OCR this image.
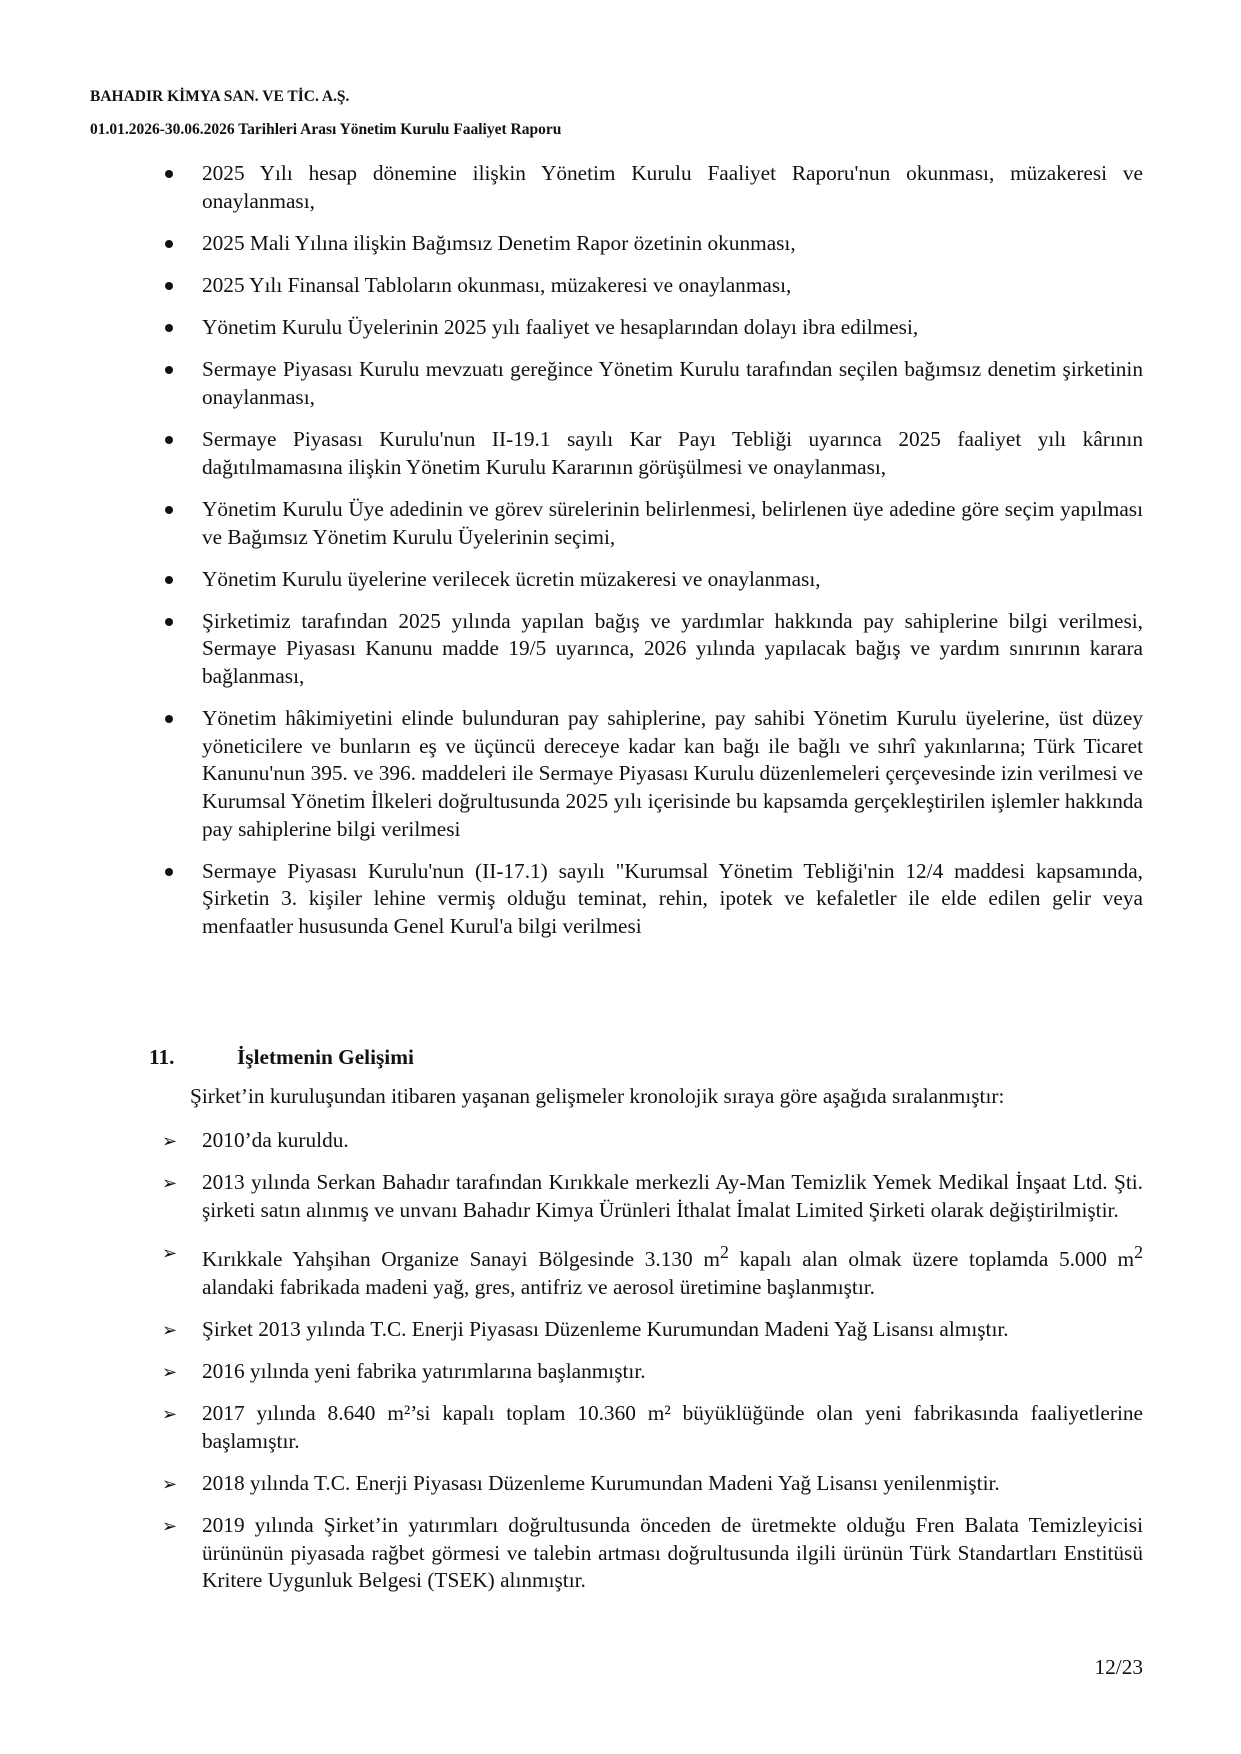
BAHADIR KİMYA SAN. VE TİC. A.Ş.
01.01.2026-30.06.2026 Tarihleri Arası Yönetim Kurulu Faaliyet Raporu
2025 Yılı hesap dönemine ilişkin Yönetim Kurulu Faaliyet Raporu'nun okunması, müzakeresi ve onaylanması,
2025 Mali Yılına ilişkin Bağımsız Denetim Rapor özetinin okunması,
2025 Yılı Finansal Tabloların okunması, müzakeresi ve onaylanması,
Yönetim Kurulu Üyelerinin 2025 yılı faaliyet ve hesaplarından dolayı ibra edilmesi,
Sermaye Piyasası Kurulu mevzuatı gereğince Yönetim Kurulu tarafından seçilen bağımsız denetim şirketinin onaylanması,
Sermaye Piyasası Kurulu'nun II-19.1 sayılı Kar Payı Tebliği uyarınca 2025 faaliyet yılı kârının dağıtılmamasına ilişkin Yönetim Kurulu Kararının görüşülmesi ve onaylanması,
Yönetim Kurulu Üye adedinin ve görev sürelerinin belirlenmesi, belirlenen üye adedine göre seçim yapılması ve Bağımsız Yönetim Kurulu Üyelerinin seçimi,
Yönetim Kurulu üyelerine verilecek ücretin müzakeresi ve onaylanması,
Şirketimiz tarafından 2025 yılında yapılan bağış ve yardımlar hakkında pay sahiplerine bilgi verilmesi, Sermaye Piyasası Kanunu madde 19/5 uyarınca, 2026 yılında yapılacak bağış ve yardım sınırının karara bağlanması,
Yönetim hâkimiyetini elinde bulunduran pay sahiplerine, pay sahibi Yönetim Kurulu üyelerine, üst düzey yöneticilere ve bunların eş ve üçüncü dereceye kadar kan bağı ile bağlı ve sıhrî yakınlarına; Türk Ticaret Kanunu'nun 395. ve 396. maddeleri ile Sermaye Piyasası Kurulu düzenlemeleri çerçevesinde izin verilmesi ve Kurumsal Yönetim İlkeleri doğrultusunda 2025 yılı içerisinde bu kapsamda gerçekleştirilen işlemler hakkında pay sahiplerine bilgi verilmesi
Sermaye Piyasası Kurulu'nun (II-17.1) sayılı "Kurumsal Yönetim Tebliği'nin 12/4 maddesi kapsamında, Şirketin 3. kişiler lehine vermiş olduğu teminat, rehin, ipotek ve kefaletler ile elde edilen gelir veya menfaatler hususunda Genel Kurul'a bilgi verilmesi
11.	İşletmenin Gelişimi
Şirket’in kuruluşundan itibaren yaşanan gelişmeler kronolojik sıraya göre aşağıda sıralanmıştır:
➢ 2010’da kuruldu.
➢ 2013 yılında Serkan Bahadır tarafından Kırıkkale merkezli Ay-Man Temizlik Yemek Medikal İnşaat Ltd. Şti. şirketi satın alınmış ve unvanı Bahadır Kimya Ürünleri İthalat İmalat Limited Şirketi olarak değiştirilmiştir.
➢ Kırıkkale Yahşihan Organize Sanayi Bölgesinde 3.130 $m^2$ kapalı alan olmak üzere toplamda 5.000 $m^2$ alandaki fabrikada madeni yağ, gres, antifriz ve aerosol üretimine başlanmıştır.
➢ Şirket 2013 yılında T.C. Enerji Piyasası Düzenleme Kurumundan Madeni Yağ Lisansı almıştır.
➢ 2016 yılında yeni fabrika yatırımlarına başlanmıştır.
➢ 2017 yılında 8.640 m²’si kapalı toplam 10.360 m² büyüklüğünde olan yeni fabrikasında faaliyetlerine başlamıştır.
➢ 2018 yılında T.C. Enerji Piyasası Düzenleme Kurumundan Madeni Yağ Lisansı yenilenmiştir.
➢ 2019 yılında Şirket’in yatırımları doğrultusunda önceden de üretmekte olduğu Fren Balata Temizleyicisi ürününün piyasada rağbet görmesi ve talebin artması doğrultusunda ilgili ürünün Türk Standartları Enstitüsü Kritere Uygunluk Belgesi (TSEK) alınmıştır.
12/23
